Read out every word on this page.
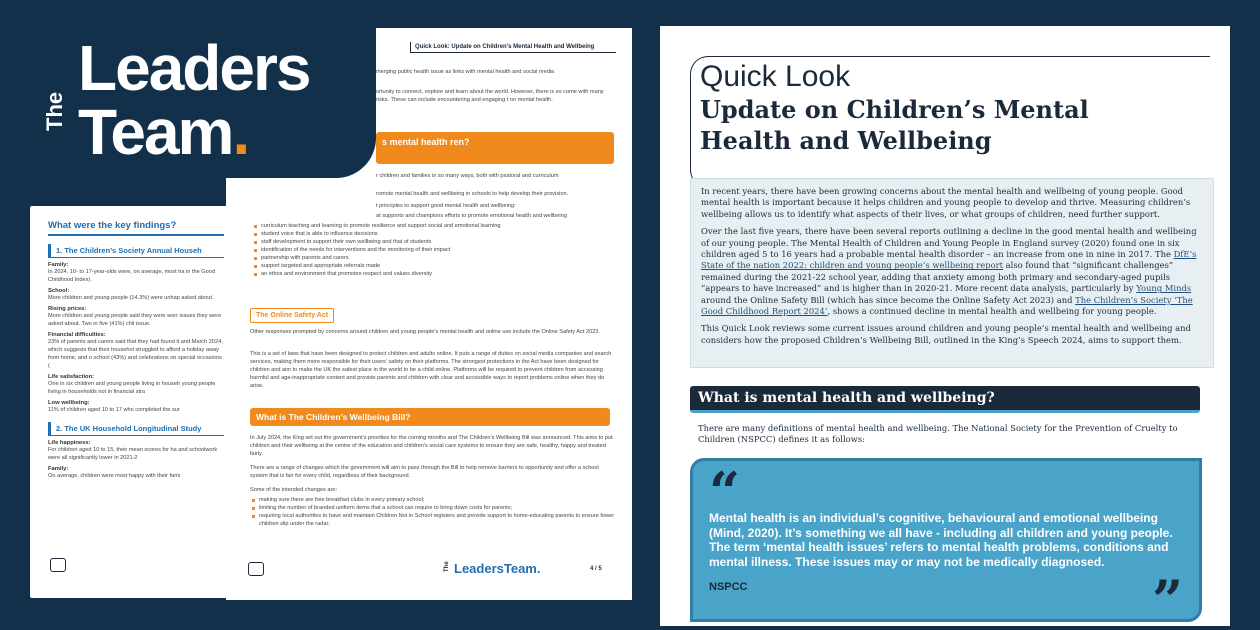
What were the key findings?
1. The Children’s Society Annual Househ
Family:
In 2024, 10- to 17-year-olds were, on average, most ha in the Good Childhood Index).
School:
More children and young people (14.3%) were unhap asked about.
Rising prices:
More children and young people said they were worr issues they were asked about. Two in five (41%) chil issue.
Financial difficulties:
23% of parents and carers said that they had found it and March 2024, which suggests that their househol struggled to afford a holiday away from home, and o school (43%) and celebrations on special occasions (
Life satisfaction:
One in six children and young people living in househ young people living in households not in financial stra
Low wellbeing:
11% of children aged 10 to 17 who completed the sur
2. The UK Household Longitudinal Study
Life happiness:
For children aged 10 to 15, their mean scores for ha and schoolwork were all significantly lower in 2021-2
Family:
On average, children were most happy with their fami
Quick Look: Update on Children’s Mental Health and Wellbeing
merging public health issue as links with mental health and social media
ortunity to connect, explore and learn about the world. However, there is es come with many risks. These can include encountering and engaging t on mental health.
s mental health ren?
r children and families in so many ways, both with pastoral and curriculum
romote mental health and wellbeing in schools to help develop their provision.
t principles to support good mental health and wellbeing:
at supports and champions efforts to promote emotional health and wellbeing
curriculum teaching and learning to promote resilience and support social and emotional learning
student voice that is able to influence decisions
staff development to support their own wellbeing and that of students
identification of the needs for interventions and the monitoring of their impact
partnership with parents and carers
support targeted and appropriate referrals made
an ethos and environment that promotes respect and values diversity
The Online Safety Act
Other responses prompted by concerns around children and young people's mental health and online use include the Online Safety Act 2023.
This is a set of laws that have been designed to protect children and adults online. It puts a range of duties on social media companies and search services, making them more responsible for their users' safety on their platforms. The strongest protections in the Act have been designed for children and aim to make the UK the safest place in the world to be a child online. Platforms will be required to prevent children from accessing harmful and age-inappropriate content and provide parents and children with clear and accessible ways to report problems online when they do arise.
What is The Children’s Wellbeing Bill?
In July 2024, the King set out the government’s priorities for the coming months and The Children’s Wellbeing Bill was announced. This aims to put children and their wellbeing at the centre of the education and children’s social care systems to ensure they are safe, healthy, happy and treated fairly.
There are a range of changes which the government will aim to pass through the Bill to help remove barriers to opportunity and offer a school system that is fair for every child, regardless of their background.
Some of the intended changes are:
making sure there are free breakfast clubs in every primary school;
limiting the number of branded uniform items that a school can require to bring down costs for parents;
requiring local authorities to have and maintain Children Not in School registers and provide support to home-educating parents to ensure fewer children slip under the radar;
The LeadersTeam.	4 / 5
The
Leaders
Team.
Quick Look
Update on Children’s Mental Health and Wellbeing

In recent years, there have been growing concerns about the mental health and wellbeing of young people. Good mental health is important because it helps children and young people to develop and thrive. Measuring children’s wellbeing allows us to identify what aspects of their lives, or what groups of children, need further support.

Over the last five years, there have been several reports outlining a decline in the good mental health and wellbeing of our young people. The Mental Health of Children and Young People in England survey (2020) found one in six children aged 5 to 16 years had a probable mental health disorder – an increase from one in nine in 2017. The DfE’s State of the nation 2022: children and young people’s wellbeing report also found that “significant challenges” remained during the 2021-22 school year, adding that anxiety among both primary and secondary-aged pupils “appears to have increased” and is higher than in 2020-21. More recent data analysis, particularly by Young Minds around the Online Safety Bill (which has since become the Online Safety Act 2023) and The Children’s Society ‘The Good Childhood Report 2024’, shows a continued decline in mental health and wellbeing for young people.

This Quick Look reviews some current issues around children and young people’s mental health and wellbeing and considers how the proposed Children’s Wellbeing Bill, outlined in the King’s Speech 2024, aims to support them.

What is mental health and wellbeing?
There are many definitions of mental health and wellbeing. The National Society for the Prevention of Cruelty to Children (NSPCC) defines it as follows:
“
Mental health is an individual’s cognitive, behavioural and emotional wellbeing (Mind, 2020). It’s something we all have - including all children and young people. The term ‘mental health issues’ refers to mental health problems, conditions and mental illness. These issues may or may not be medically diagnosed.
NSPCC	”
